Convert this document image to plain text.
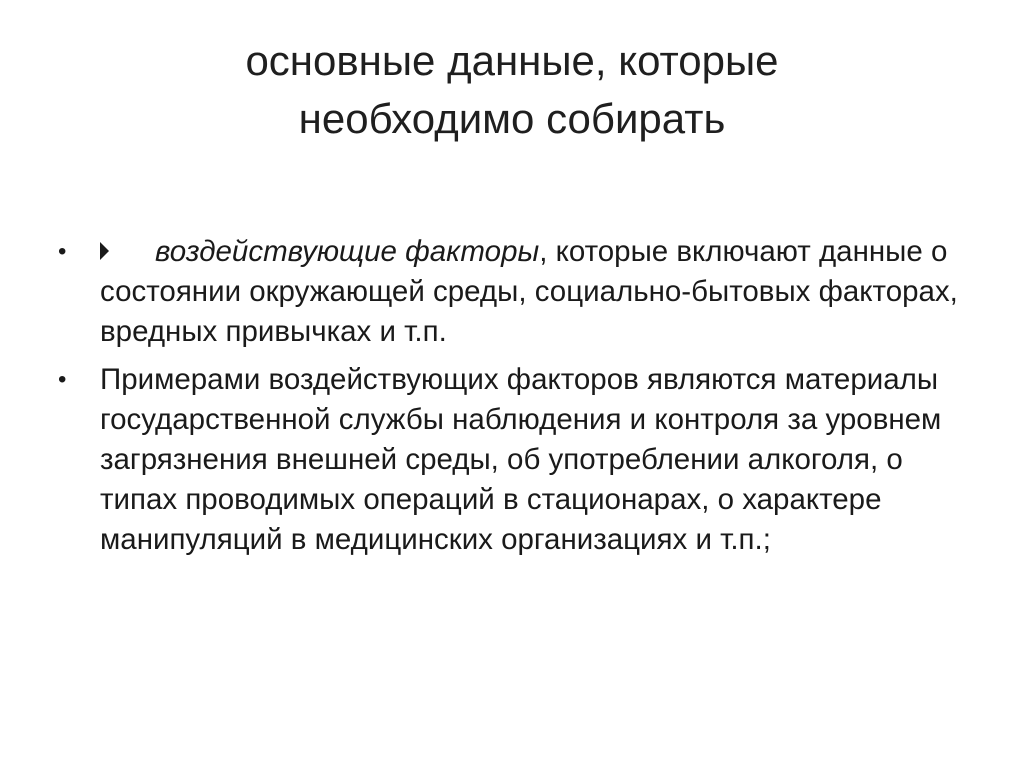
основные данные, которые
необходимо собирать
•	воздействующие факторы, которые включают данные о состоянии окружающей среды, социально-бытовых факторах, вредных привычках и т.п.
•	Примерами воздействующих факторов являются материалы государственной службы наблюдения и контроля за уровнем загрязнения внешней среды, об употреблении алкоголя, о типах проводимых операций в стационарах, о характере манипуляций в медицинских организациях и т.п.;
